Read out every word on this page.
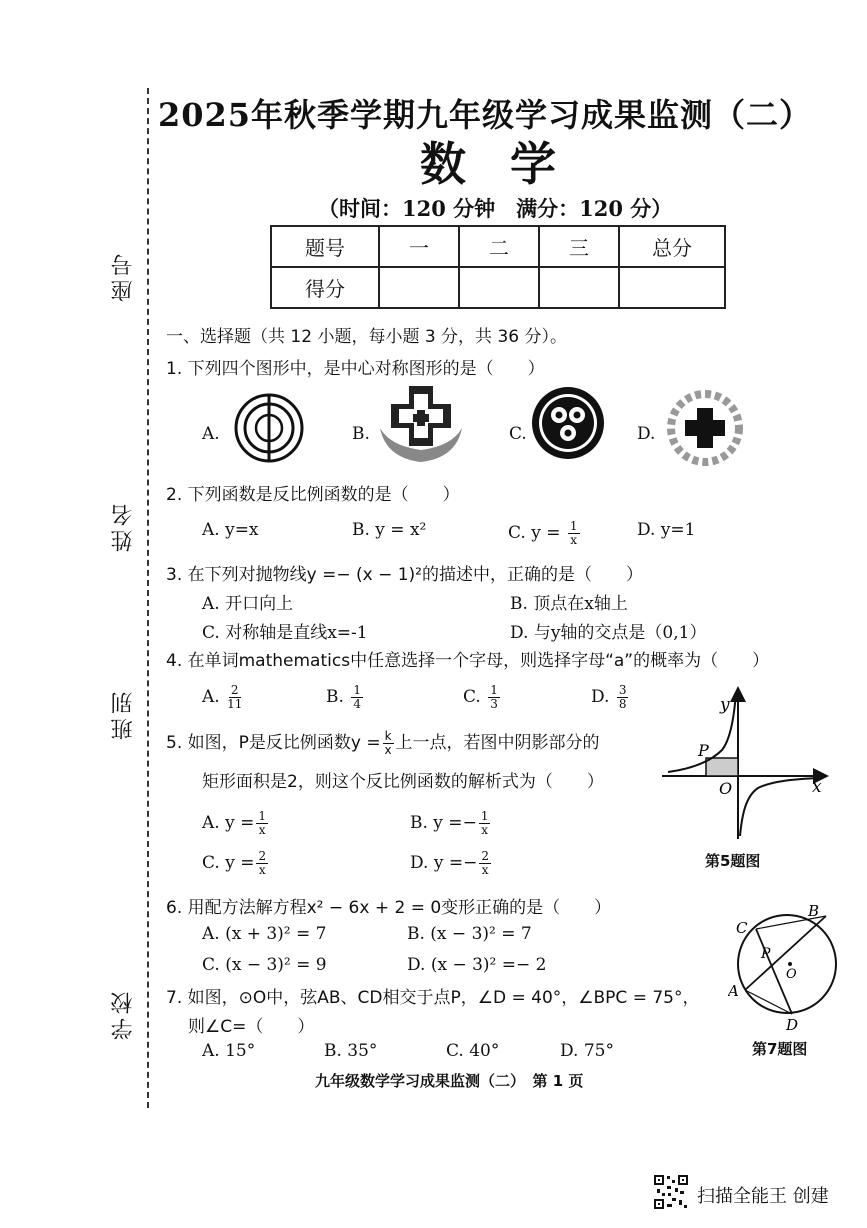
座号
姓名
班别
学校
2025年秋季学期九年级学习成果监测（二）
数 学
（时间：120 分钟　满分：120 分）
题号	一	二	三	总分
得分				
一、选择题（共 12 小题，每小题 3 分，共 36 分）。
1. 下列四个图形中，是中心对称图形的是（　　）
A.	B.	C.	D.
2. 下列函数是反比例函数的是（　　）
A. y=x	B. y = x²	C. $y = \frac{1}{x}$	D. y=1
3. 在下列对抛物线y =− (x − 1)²的描述中，正确的是（　　）
A. 开口向上	B. 顶点在x轴上
C. 对称轴是直线x=-1	D. 与y轴的交点是（0,1）
4. 在单词mathematics中任意选择一个字母，则选择字母“a”的概率为（　　）
A. $\frac{2}{11}$	B. $\frac{1}{4}$	C. $\frac{1}{3}$	D. $\frac{3}{8}$
5. 如图，P是反比例函数$y = \frac{k}{x}$ 上一点，若图中阴影部分的
矩形面积是2，则这个反比例函数的解析式为（　　）
A. $y = \frac{1}{x}$	B. $y =- \frac{1}{x}$
C. $y = \frac{2}{x}$	D. $y =- \frac{2}{x}$
y
x
O
P
第5题图
6. 用配方法解方程x² − 6x + 2 = 0变形正确的是（　　）
A. (x + 3)² = 7	B. (x − 3)² = 7
C. (x − 3)² = 9	D. (x − 3)² =− 2
B
C
A
D
P
O
第7题图
7. 如图，⊙O中，弦AB、CD相交于点P，∠D = 40°，∠BPC = 75°，
则∠C=（　　）
A. 15°	B. 35°	C. 40°	D. 75°
九年级数学学习成果监测（二）　第 1 页
扫描全能王 创建
